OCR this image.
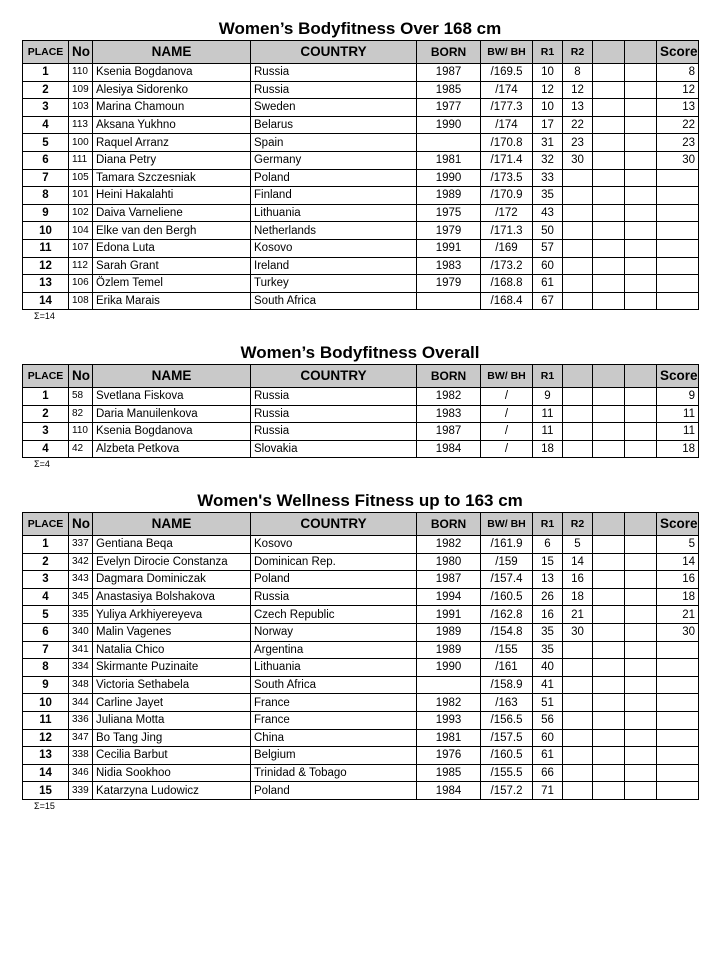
Women’s Bodyfitness Over 168 cm
PLACE	No	NAME	COUNTRY	BORN	BW/ BH	R1	R2			Score
1	110	Ksenia Bogdanova	Russia	1987	/169.5	10	8			8
2	109	Alesiya Sidorenko	Russia	1985	/174	12	12			12
3	103	Marina Chamoun	Sweden	1977	/177.3	10	13			13
4	113	Aksana Yukhno	Belarus	1990	/174	17	22			22
5	100	Raquel Arranz	Spain		/170.8	31	23			23
6	111	Diana Petry	Germany	1981	/171.4	32	30			30
7	105	Tamara Szczesniak	Poland	1990	/173.5	33				
8	101	Heini Hakalahti	Finland	1989	/170.9	35				
9	102	Daiva Varneliene	Lithuania	1975	/172	43				
10	104	Elke van den Bergh	Netherlands	1979	/171.3	50				
11	107	Edona Luta	Kosovo	1991	/169	57				
12	112	Sarah Grant	Ireland	1983	/173.2	60				
13	106	Özlem Temel	Turkey	1979	/168.8	61				
14	108	Erika Marais	South Africa		/168.4	67				
Σ=14
Women’s Bodyfitness Overall
PLACE	No	NAME	COUNTRY	BORN	BW/ BH	R1				Score
1	58	Svetlana Fiskova	Russia	1982	/	9				9
2	82	Daria Manuilenkova	Russia	1983	/	11				11
3	110	Ksenia Bogdanova	Russia	1987	/	11				11
4	42	Alzbeta Petkova	Slovakia	1984	/	18				18
Σ=4
Women's Wellness Fitness up to 163 cm
PLACE	No	NAME	COUNTRY	BORN	BW/ BH	R1	R2			Score
1	337	Gentiana Beqa	Kosovo	1982	/161.9	6	5			5
2	342	Evelyn Dirocie Constanza	Dominican Rep.	1980	/159	15	14			14
3	343	Dagmara Dominiczak	Poland	1987	/157.4	13	16			16
4	345	Anastasiya Bolshakova	Russia	1994	/160.5	26	18			18
5	335	Yuliya Arkhiyereyeva	Czech Republic	1991	/162.8	16	21			21
6	340	Malin Vagenes	Norway	1989	/154.8	35	30			30
7	341	Natalia Chico	Argentina	1989	/155	35				
8	334	Skirmante Puzinaite	Lithuania	1990	/161	40				
9	348	Victoria Sethabela	South Africa		/158.9	41				
10	344	Carline Jayet	France	1982	/163	51				
11	336	Juliana Motta	France	1993	/156.5	56				
12	347	Bo Tang Jing	China	1981	/157.5	60				
13	338	Cecilia Barbut	Belgium	1976	/160.5	61				
14	346	Nidia Sookhoo	Trinidad & Tobago	1985	/155.5	66				
15	339	Katarzyna Ludowicz	Poland	1984	/157.2	71				
Σ=15
